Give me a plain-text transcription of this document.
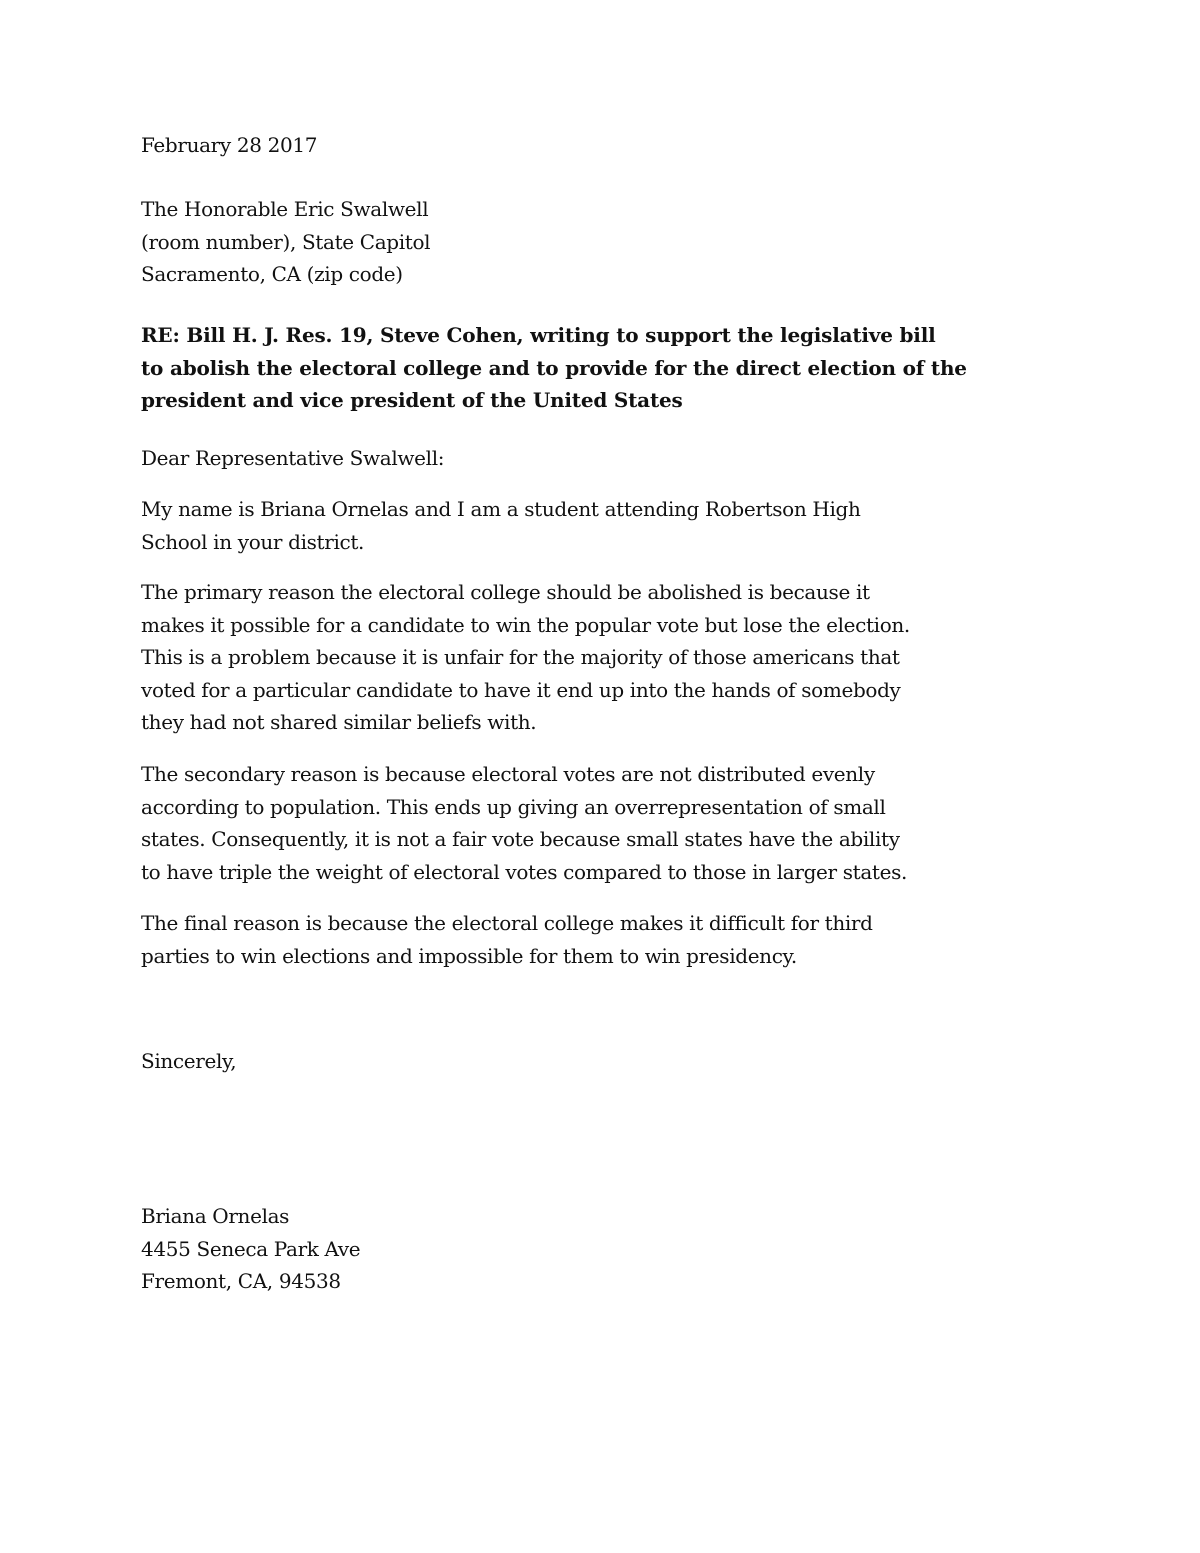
February 28 2017
The Honorable Eric Swalwell
(room number), State Capitol
Sacramento, CA (zip code)
RE: Bill H. J. Res. 19, Steve Cohen, writing to support the legislative bill
to abolish the electoral college and to provide for the direct election of the
president and vice president of the United States
Dear Representative Swalwell:
My name is Briana Ornelas and I am a student attending Robertson High
School in your district.
The primary reason the electoral college should be abolished is because it
makes it possible for a candidate to win the popular vote but lose the election.
This is a problem because it is unfair for the majority of those americans that
voted for a particular candidate to have it end up into the hands of somebody
they had not shared similar beliefs with.
The secondary reason is because electoral votes are not distributed evenly
according to population. This ends up giving an overrepresentation of small
states. Consequently, it is not a fair vote because small states have the ability
to have triple the weight of electoral votes compared to those in larger states.
The final reason is because the electoral college makes it difficult for third
parties to win elections and impossible for them to win presidency.
Sincerely,
Briana Ornelas
4455 Seneca Park Ave
Fremont, CA, 94538
